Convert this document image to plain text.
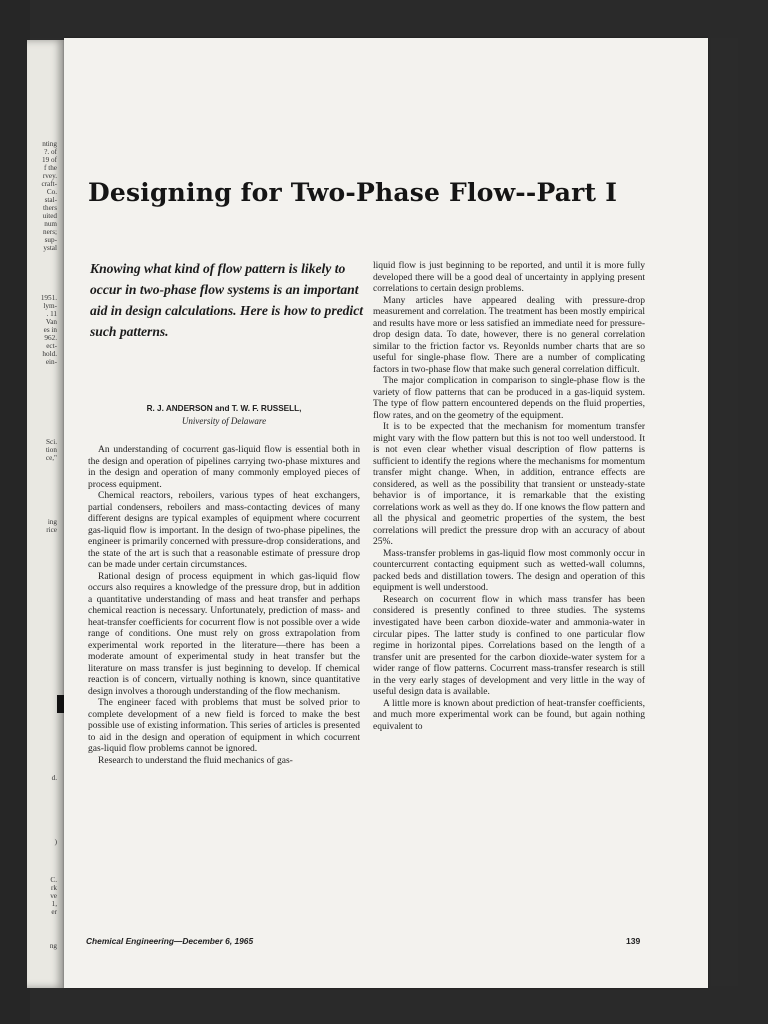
nting
?. of
19 of
f the
rvey.
craft-
Co.
stal-
thers
uited
num
ners;
sup-
ystal
1951.
lym-
. 11
Van
es in
962.
ect-
hold.
ein-
Sci.
tion
ce,"
ing
rice
d.
)
C.
rk
ve
1,
er
ng
Designing for Two-Phase Flow--Part I
Knowing what kind of flow pattern is likely to occur in two-phase flow systems is an important aid in design calculations. Here is how to predict such patterns.
R. J. ANDERSON and T. W. F. RUSSELL,
University of Delaware

An understanding of cocurrent gas-liquid flow is essential both in the design and operation of pipelines carrying two-phase mixtures and in the design and operation of many commonly employed pieces of process equipment.

Chemical reactors, reboilers, various types of heat exchangers, partial condensers, reboilers and mass-contacting devices of many different designs are typical examples of equipment where cocurrent gas-liquid flow is important. In the design of two-phase pipelines, the engineer is primarily concerned with pressure-drop considerations, and the state of the art is such that a reasonable estimate of pressure drop can be made under certain circumstances.

Rational design of process equipment in which gas-liquid flow occurs also requires a knowledge of the pressure drop, but in addition a quantitative understanding of mass and heat transfer and perhaps chemical reaction is necessary. Unfortunately, prediction of mass- and heat-transfer coefficients for cocurrent flow is not possible over a wide range of conditions. One must rely on gross extrapolation from experimental work reported in the literature—there has been a moderate amount of experimental study in heat transfer but the literature on mass transfer is just beginning to develop. If chemical reaction is of concern, virtually nothing is known, since quantitative design involves a thorough understanding of the flow mechanism.

The engineer faced with problems that must be solved prior to complete development of a new field is forced to make the best possible use of existing information. This series of articles is presented to aid in the design and operation of equipment in which cocurrent gas-liquid flow problems cannot be ignored.

Research to understand the fluid mechanics of gas-

liquid flow is just beginning to be reported, and until it is more fully developed there will be a good deal of uncertainty in applying present correlations to certain design problems.

Many articles have appeared dealing with pressure-drop measurement and correlation. The treatment has been mostly empirical and results have more or less satisfied an immediate need for pressure-drop design data. To date, however, there is no general correlation similar to the friction factor vs. Reyonlds number charts that are so useful for single-phase flow. There are a number of complicating factors in two-phase flow that make such general correlation difficult.

The major complication in comparison to single-phase flow is the variety of flow patterns that can be produced in a gas-liquid system. The type of flow pattern encountered depends on the fluid properties, flow rates, and on the geometry of the equipment.

It is to be expected that the mechanism for momentum transfer might vary with the flow pattern but this is not too well understood. It is not even clear whether visual description of flow patterns is sufficient to identify the regions where the mechanisms for momentum transfer might change. When, in addition, entrance effects are considered, as well as the possibility that transient or unsteady-state behavior is of importance, it is remarkable that the existing correlations work as well as they do. If one knows the flow pattern and all the physical and geometric properties of the system, the best correlations will predict the pressure drop with an accuracy of about 25%.

Mass-transfer problems in gas-liquid flow most commonly occur in countercurrent contacting equipment such as wetted-wall columns, packed beds and distillation towers. The design and operation of this equipment is well understood.

Research on cocurrent flow in which mass transfer has been considered is presently confined to three studies. The systems investigated have been carbon dioxide-water and ammonia-water in circular pipes. The latter study is confined to one particular flow regime in horizontal pipes. Correlations based on the length of a transfer unit are presented for the carbon dioxide-water system for a wider range of flow patterns. Cocurrent mass-transfer research is still in the very early stages of development and very little in the way of useful design data is available.

A little more is known about prediction of heat-transfer coefficients, and much more experimental work can be found, but again nothing equivalent to

Chemical Engineering—December 6, 1965	139
